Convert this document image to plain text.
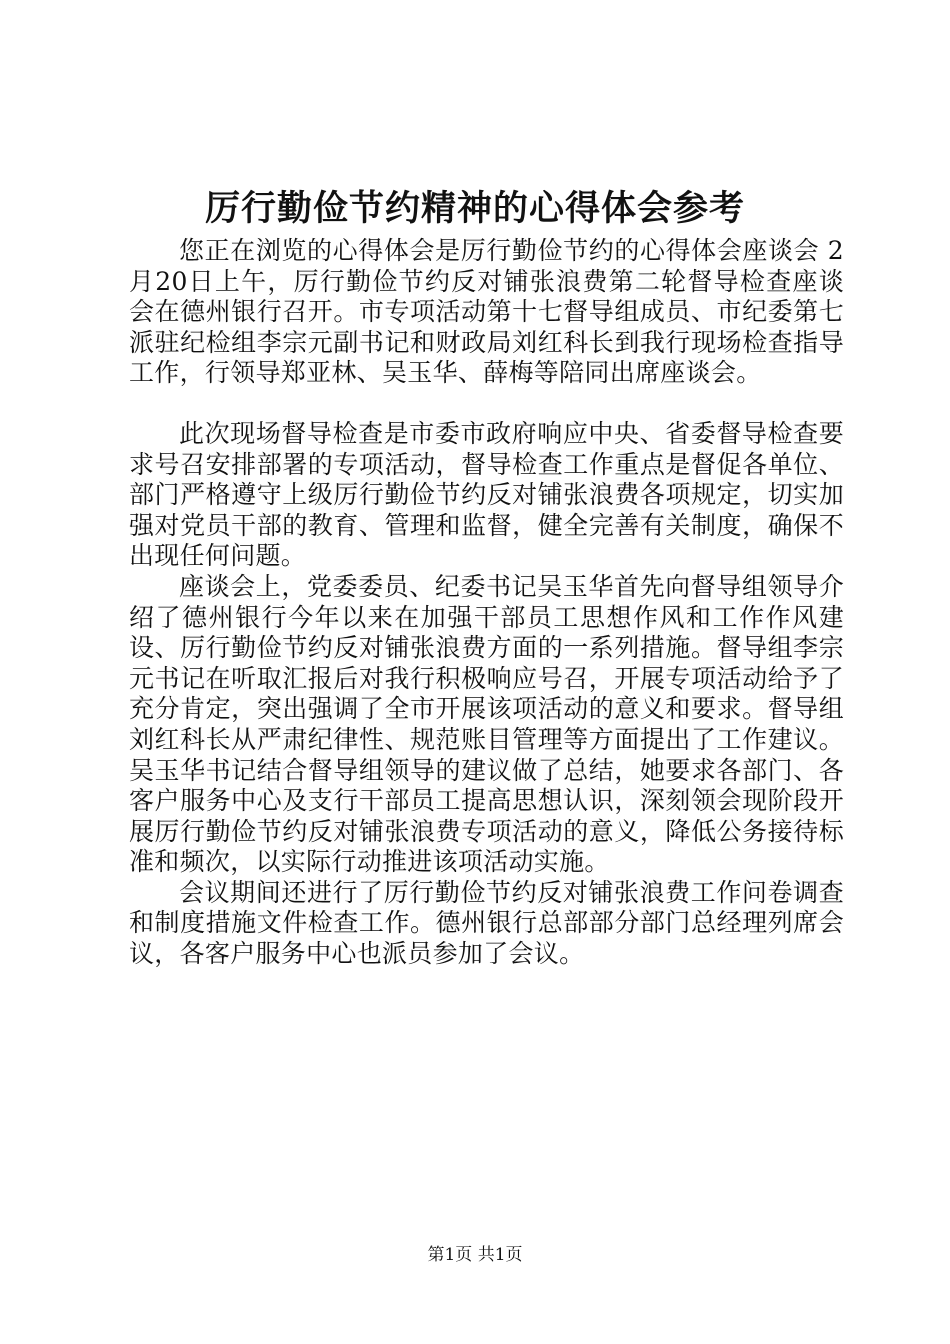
厉行勤俭节约精神的心得体会参考

您正在浏览的心得体会是厉行勤俭节约的心得体会座谈会 2月20日上午，厉行勤俭节约反对铺张浪费第二轮督导检查座谈会在德州银行召开。市专项活动第十七督导组成员、市纪委第七派驻纪检组李宗元副书记和财政局刘红科长到我行现场检查指导工作，行领导郑亚林、吴玉华、薛梅等陪同出席座谈会。

此次现场督导检查是市委市政府响应中央、省委督导检查要求号召安排部署的专项活动，督导检查工作重点是督促各单位、部门严格遵守上级厉行勤俭节约反对铺张浪费各项规定，切实加强对党员干部的教育、管理和监督，健全完善有关制度，确保不出现任何问题。

座谈会上，党委委员、纪委书记吴玉华首先向督导组领导介绍了德州银行今年以来在加强干部员工思想作风和工作作风建设、厉行勤俭节约反对铺张浪费方面的一系列措施。督导组李宗元书记在听取汇报后对我行积极响应号召，开展专项活动给予了充分肯定，突出强调了全市开展该项活动的意义和要求。督导组刘红科长从严肃纪律性、规范账目管理等方面提出了工作建议。吴玉华书记结合督导组领导的建议做了总结，她要求各部门、各客户服务中心及支行干部员工提高思想认识，深刻领会现阶段开展厉行勤俭节约反对铺张浪费专项活动的意义，降低公务接待标准和频次，以实际行动推进该项活动实施。

会议期间还进行了厉行勤俭节约反对铺张浪费工作问卷调查和制度措施文件检查工作。德州银行总部部分部门总经理列席会议，各客户服务中心也派员参加了会议。

第1页 共1页
